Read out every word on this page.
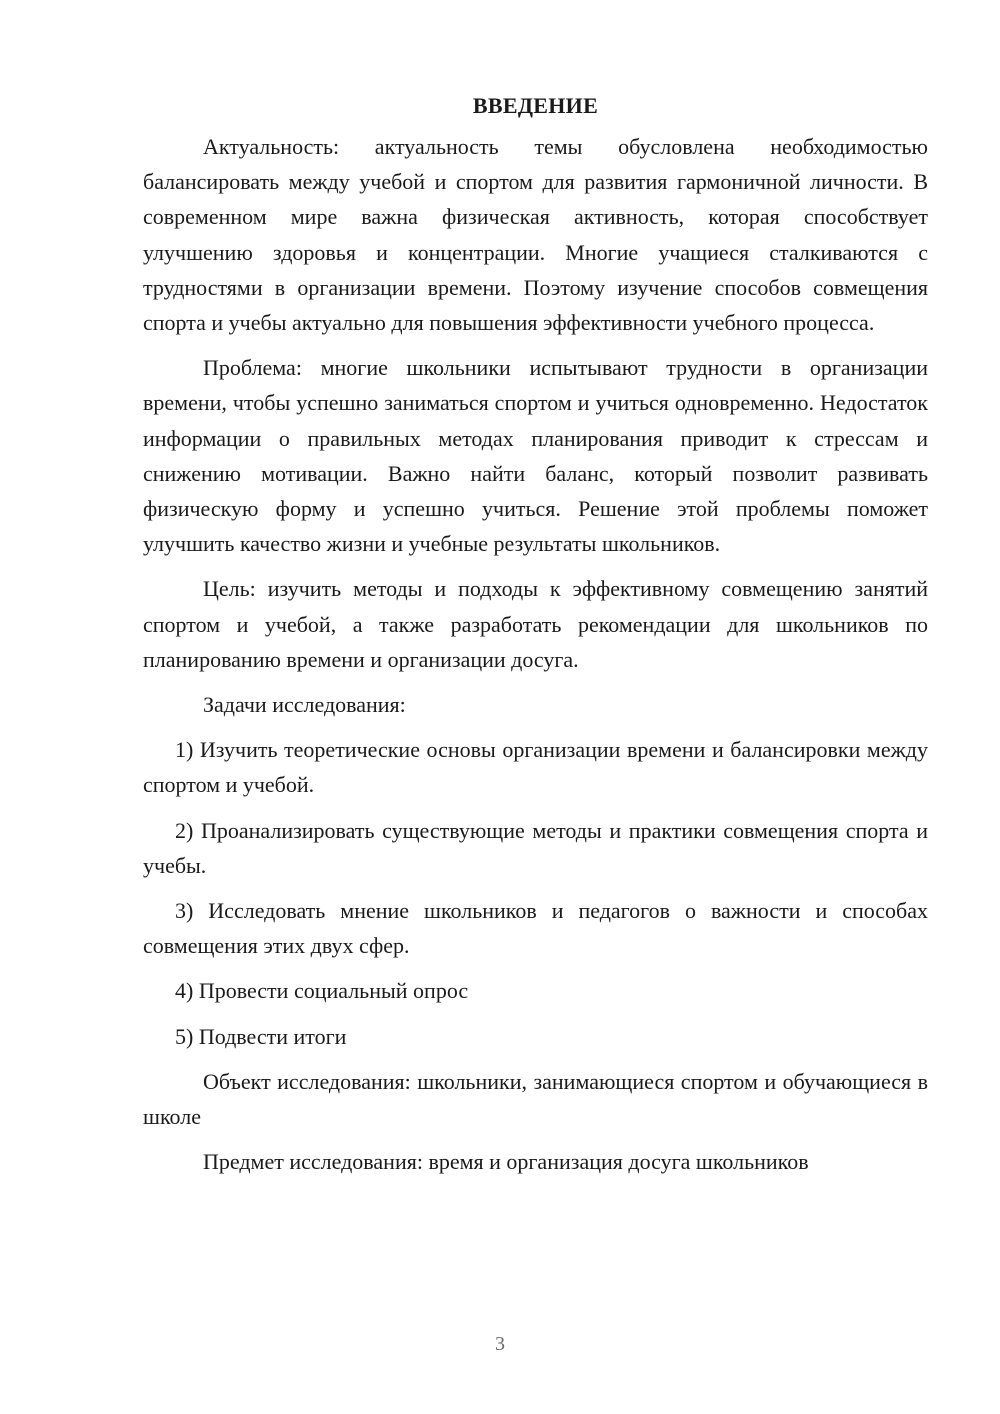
ВВЕДЕНИЕ

Актуальность: актуальность темы обусловлена необходимостью балансировать между учебой и спортом для развития гармоничной личности. В современном мире важна физическая активность, которая способствует улучшению здоровья и концентрации. Многие учащиеся сталкиваются с трудностями в организации времени. Поэтому изучение способов совмещения спорта и учебы актуально для повышения эффективности учебного процесса.

Проблема: многие школьники испытывают трудности в организации времени, чтобы успешно заниматься спортом и учиться одновременно. Недостаток информации о правильных методах планирования приводит к стрессам и снижению мотивации. Важно найти баланс, который позволит развивать физическую форму и успешно учиться. Решение этой проблемы поможет улучшить качество жизни и учебные результаты школьников.

Цель: изучить методы и подходы к эффективному совмещению занятий спортом и учебой, а также разработать рекомендации для школьников по планированию времени и организации досуга.

Задачи исследования:

1) Изучить теоретические основы организации времени и балансировки между спортом и учебой.

2) Проанализировать существующие методы и практики совмещения спорта и учебы.

3) Исследовать мнение школьников и педагогов о важности и способах совмещения этих двух сфер.

4) Провести социальный опрос

5) Подвести итоги

Объект исследования: школьники, занимающиеся спортом и обучающиеся в школе

Предмет исследования: время и организация досуга школьников

3
